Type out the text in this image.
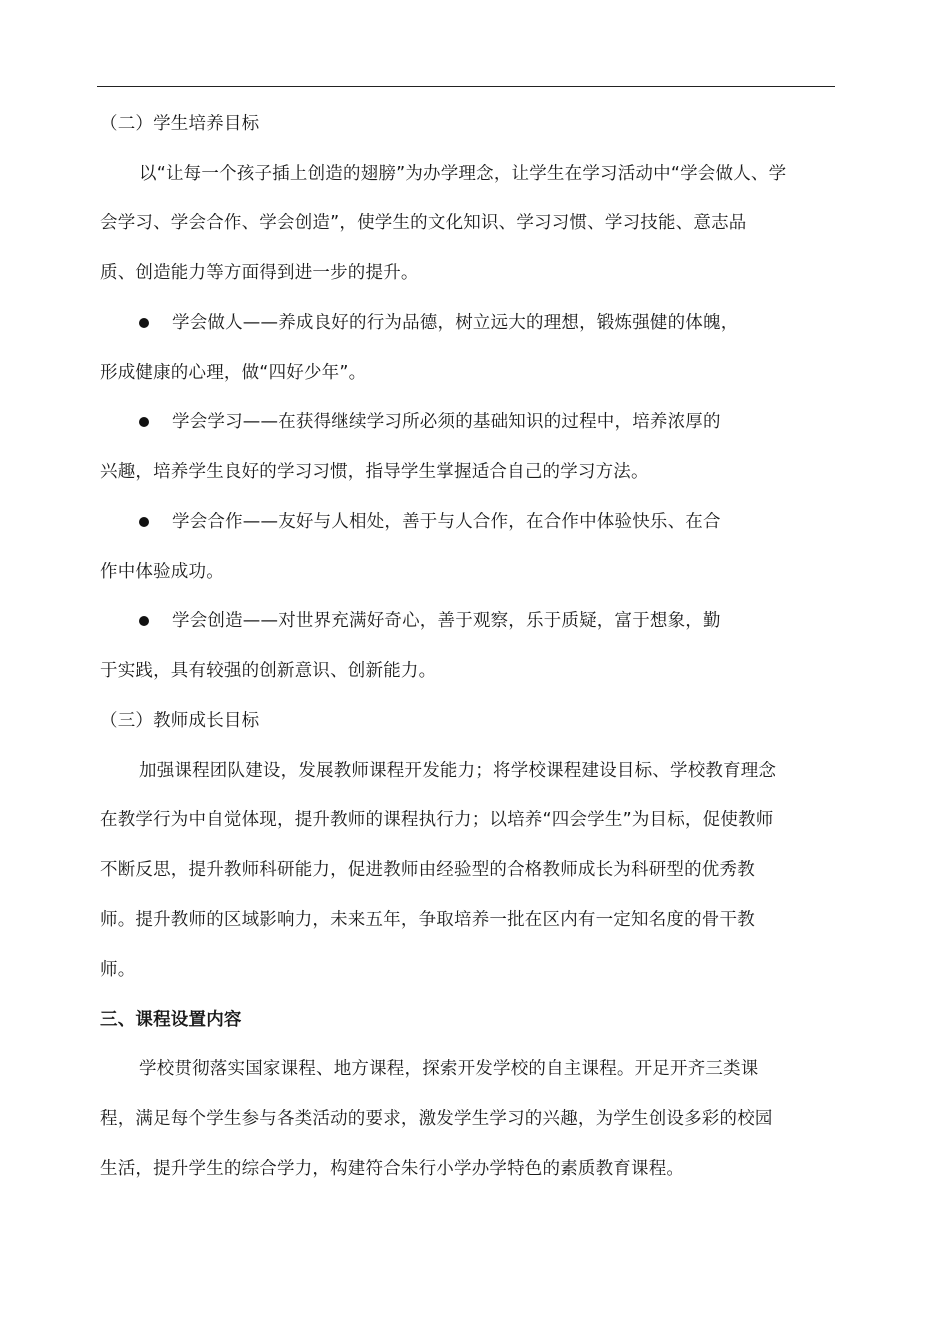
（二）学生培养目标
以“让每一个孩子插上创造的翅膀”为办学理念，让学生在学习活动中“学会做人、学
会学习、学会合作、学会创造”，使学生的文化知识、学习习惯、学习技能、意志品
质、创造能力等方面得到进一步的提升。
学会做人——养成良好的行为品德，树立远大的理想，锻炼强健的体魄，
形成健康的心理，做“四好少年”。
学会学习——在获得继续学习所必须的基础知识的过程中，培养浓厚的
兴趣，培养学生良好的学习习惯，指导学生掌握适合自己的学习方法。
学会合作——友好与人相处，善于与人合作，在合作中体验快乐、在合
作中体验成功。
学会创造——对世界充满好奇心，善于观察，乐于质疑，富于想象，勤
于实践，具有较强的创新意识、创新能力。
（三）教师成长目标
加强课程团队建设，发展教师课程开发能力；将学校课程建设目标、学校教育理念
在教学行为中自觉体现，提升教师的课程执行力；以培养“四会学生”为目标，促使教师
不断反思，提升教师科研能力，促进教师由经验型的合格教师成长为科研型的优秀教
师。提升教师的区域影响力，未来五年，争取培养一批在区内有一定知名度的骨干教
师。
三、课程设置内容
学校贯彻落实国家课程、地方课程，探索开发学校的自主课程。开足开齐三类课
程，满足每个学生参与各类活动的要求，激发学生学习的兴趣，为学生创设多彩的校园
生活，提升学生的综合学力，构建符合朱行小学办学特色的素质教育课程。
